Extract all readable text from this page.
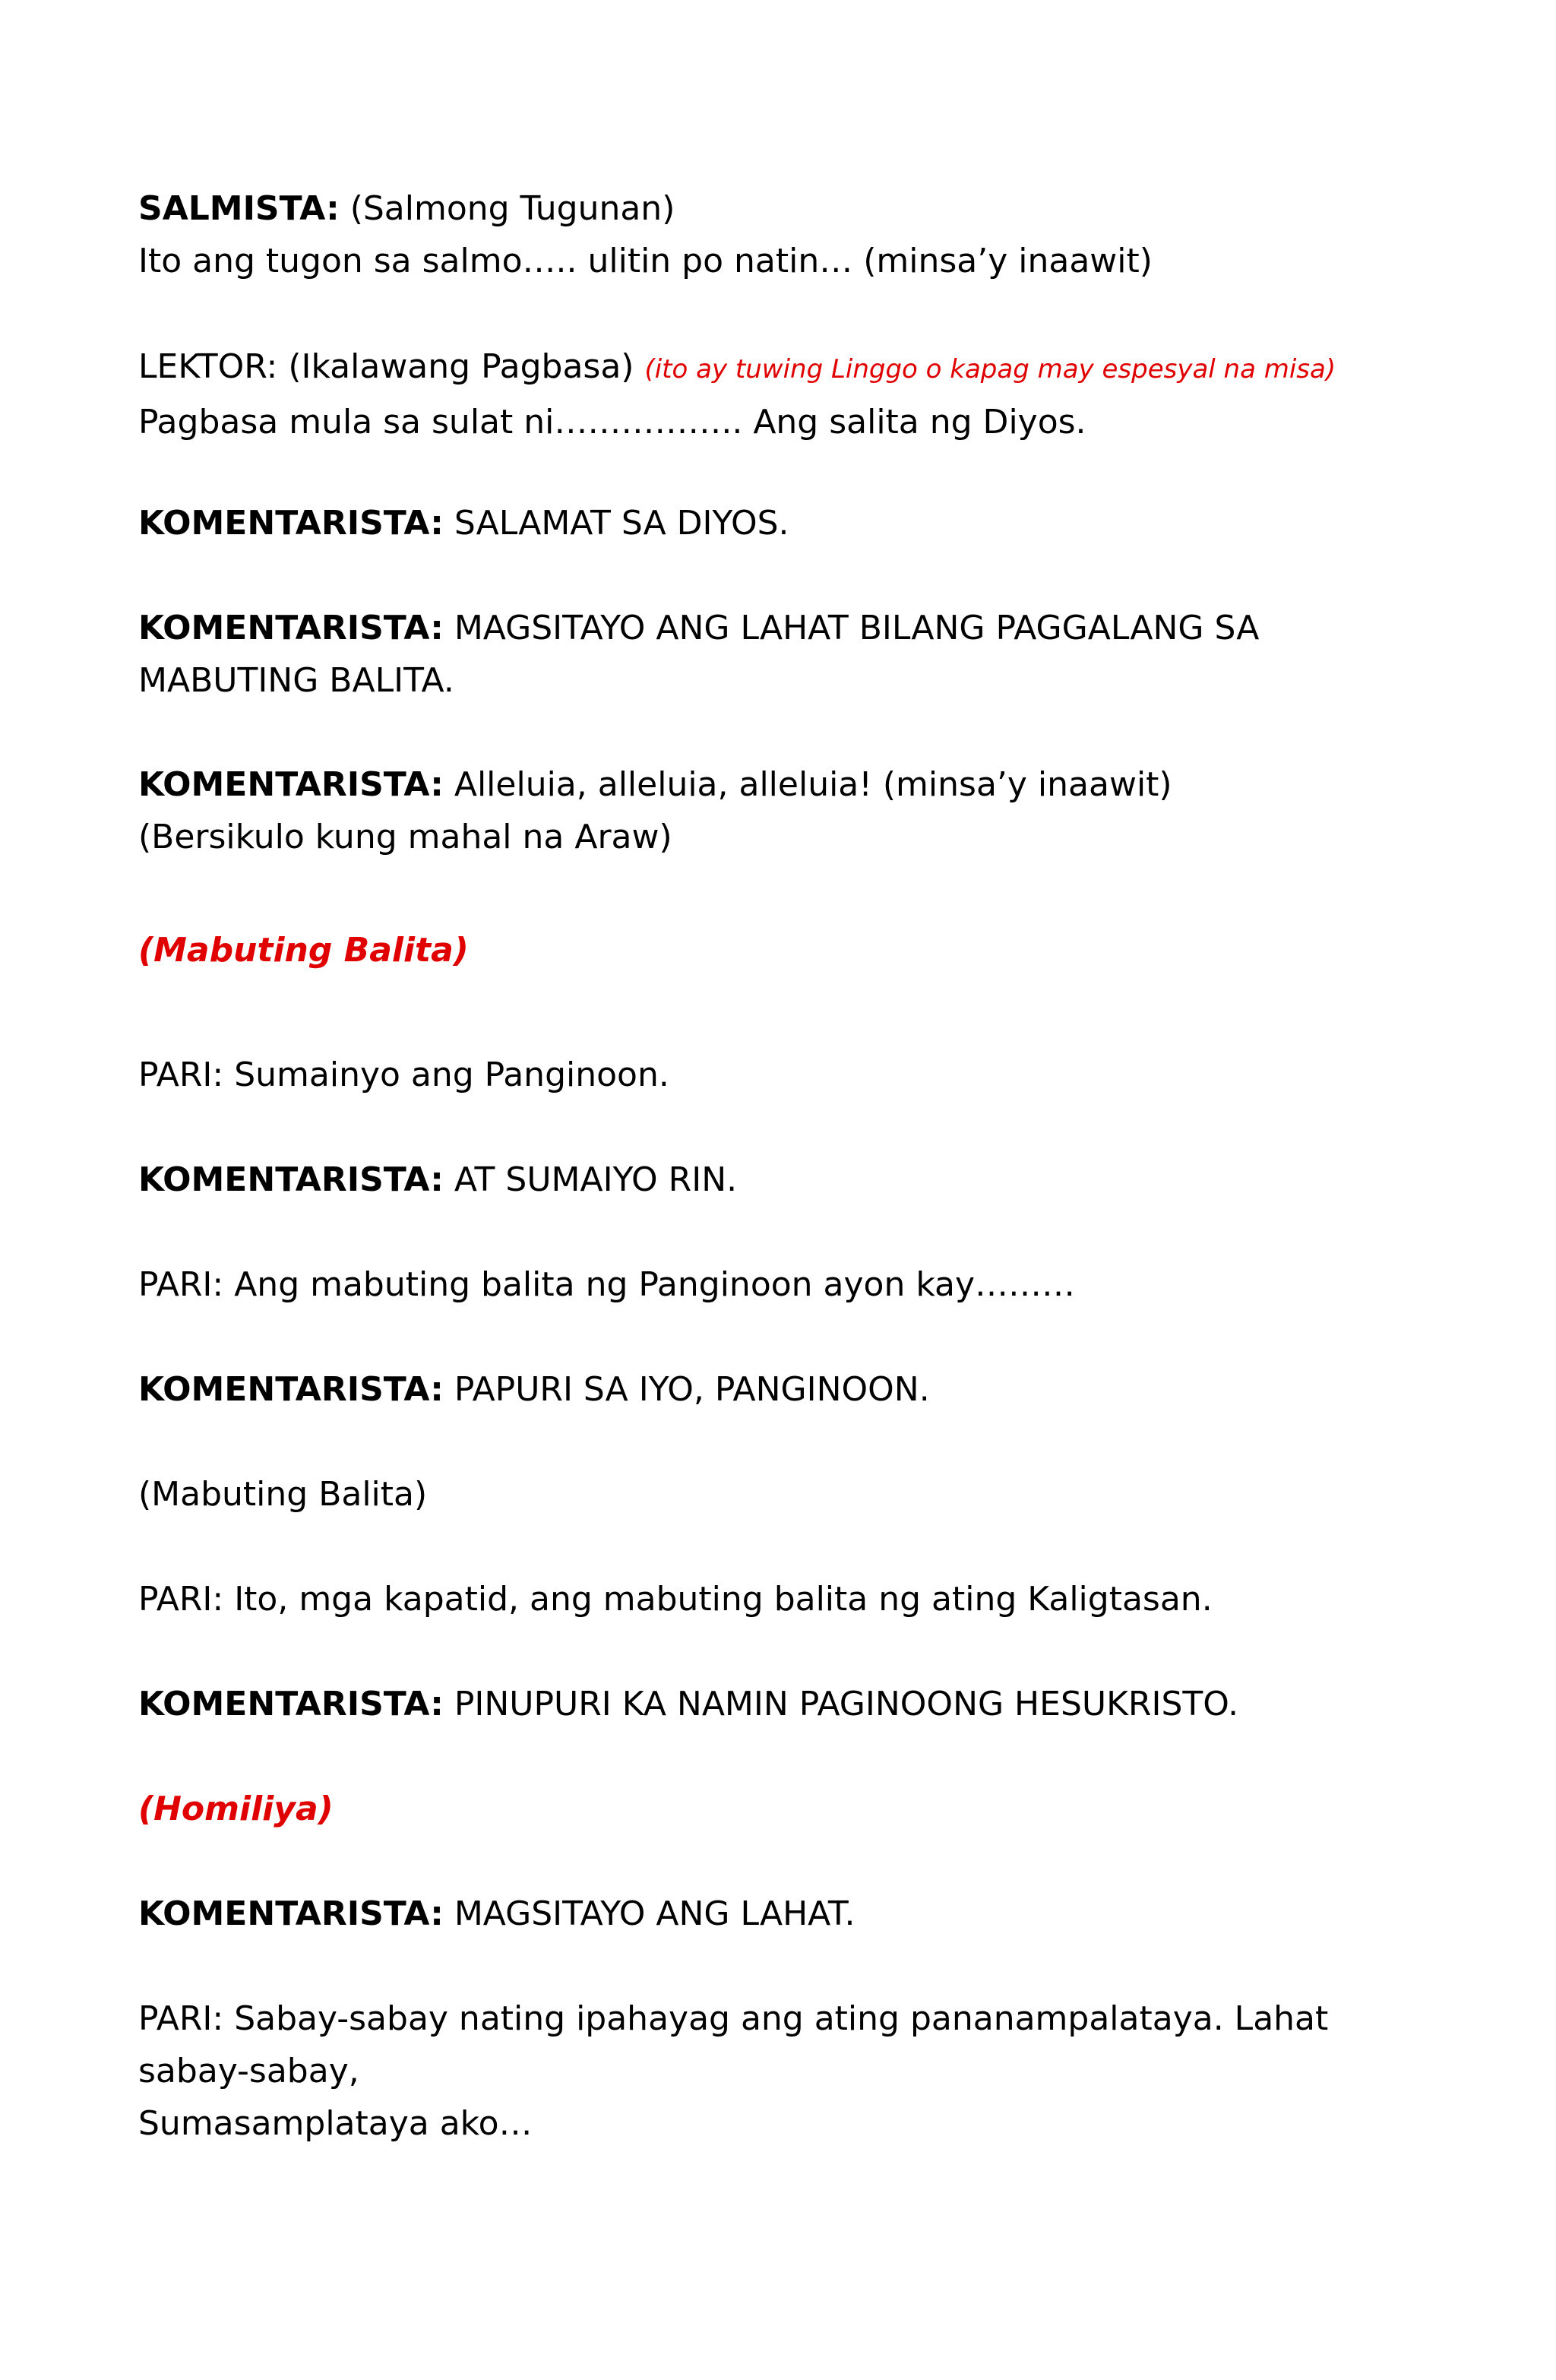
SALMISTA: (Salmong Tugunan)
Ito ang tugon sa salmo….. ulitin po natin… (minsa’y inaawit)

LEKTOR: (Ikalawang Pagbasa) (ito ay tuwing Linggo o kapag may espesyal na misa)
Pagbasa mula sa sulat ni…………….. Ang salita ng Diyos.

KOMENTARISTA: SALAMAT SA DIYOS.

KOMENTARISTA: MAGSITAYO ANG LAHAT BILANG PAGGALANG SA
MABUTING BALITA.

KOMENTARISTA: Alleluia, alleluia, alleluia! (minsa’y inaawit)
(Bersikulo kung mahal na Araw)

(Mabuting Balita)

PARI: Sumainyo ang Panginoon.

KOMENTARISTA: AT SUMAIYO RIN.

PARI: Ang mabuting balita ng Panginoon ayon kay………

KOMENTARISTA: PAPURI SA IYO, PANGINOON.

(Mabuting Balita)

PARI: Ito, mga kapatid, ang mabuting balita ng ating Kaligtasan.

KOMENTARISTA: PINUPURI KA NAMIN PAGINOONG HESUKRISTO.

(Homiliya)

KOMENTARISTA: MAGSITAYO ANG LAHAT.

PARI: Sabay-sabay nating ipahayag ang ating pananampalataya. Lahat
sabay-sabay,
Sumasamplataya ako…
